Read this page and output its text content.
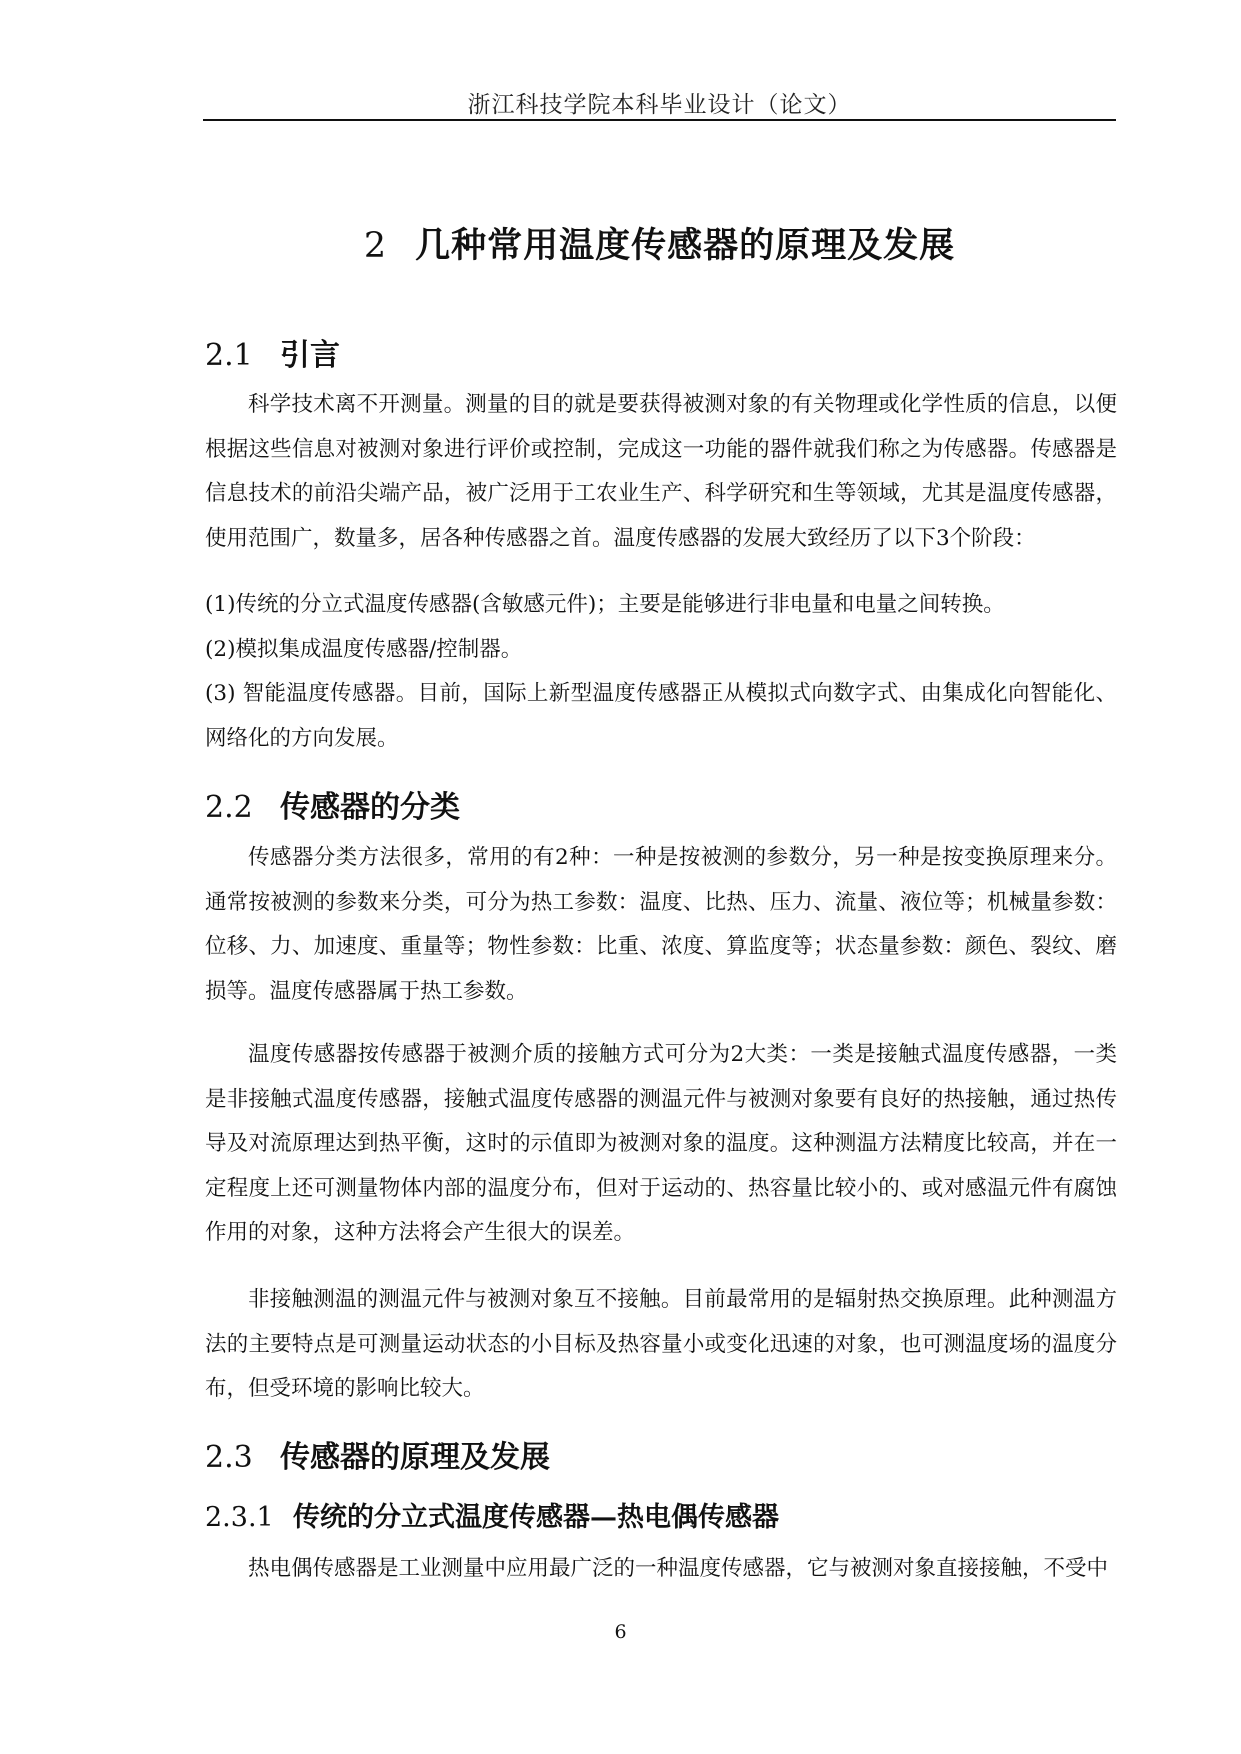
浙江科技学院本科毕业设计（论文）
2 几种常用温度传感器的原理及发展
2.1 引言

科学技术离不开测量。测量的目的就是要获得被测对象的有关物理或化学性质的信息，以便根据这些信息对被测对象进行评价或控制，完成这一功能的器件就我们称之为传感器。传感器是信息技术的前沿尖端产品，被广泛用于工农业生产、科学研究和生等领域，尤其是温度传感器，使用范围广，数量多，居各种传感器之首。温度传感器的发展大致经历了以下3个阶段：

(1)传统的分立式温度传感器(含敏感元件)；主要是能够进行非电量和电量之间转换。

(2)模拟集成温度传感器/控制器。

(3) 智能温度传感器。目前，国际上新型温度传感器正从模拟式向数字式、由集成化向智能化、网络化的方向发展。

2.2 传感器的分类

传感器分类方法很多，常用的有2种：一种是按被测的参数分，另一种是按变换原理来分。通常按被测的参数来分类，可分为热工参数：温度、比热、压力、流量、液位等；机械量参数：位移、力、加速度、重量等；物性参数：比重、浓度、算监度等；状态量参数：颜色、裂纹、磨损等。温度传感器属于热工参数。

温度传感器按传感器于被测介质的接触方式可分为2大类：一类是接触式温度传感器，一类是非接触式温度传感器，接触式温度传感器的测温元件与被测对象要有良好的热接触，通过热传导及对流原理达到热平衡，这时的示值即为被测对象的温度。这种测温方法精度比较高，并在一定程度上还可测量物体内部的温度分布，但对于运动的、热容量比较小的、或对感温元件有腐蚀作用的对象，这种方法将会产生很大的误差。

非接触测温的测温元件与被测对象互不接触。目前最常用的是辐射热交换原理。此种测温方法的主要特点是可测量运动状态的小目标及热容量小或变化迅速的对象，也可测温度场的温度分布，但受环境的影响比较大。

2.3 传感器的原理及发展
2.3.1 传统的分立式温度传感器—热电偶传感器

热电偶传感器是工业测量中应用最广泛的一种温度传感器，它与被测对象直接接触，不受中

6
